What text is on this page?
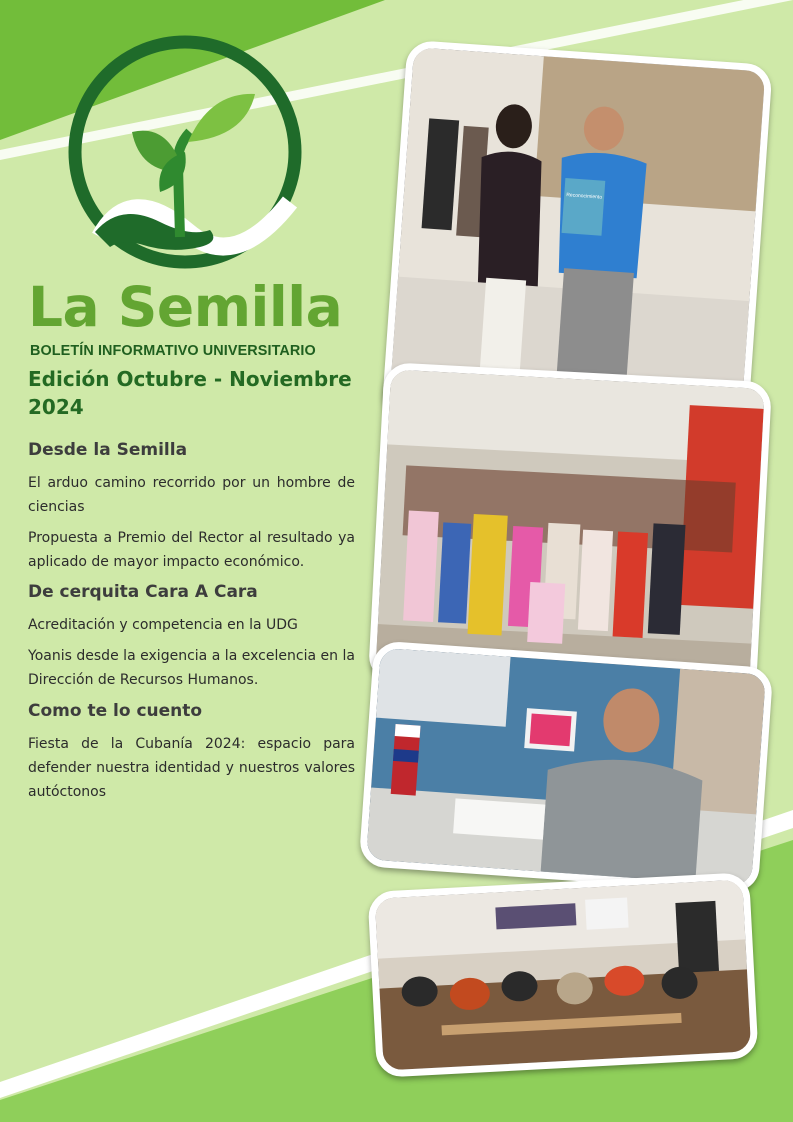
La Semilla
BOLETÍN INFORMATIVO UNIVERSITARIO
Edición Octubre - Noviembre 2024
Desde la Semilla
El arduo camino recorrido por un hombre de ciencias
Propuesta a Premio del Rector al resultado ya aplicado de mayor impacto económico.
De cerquita Cara A Cara
Acreditación y competencia en la UDG
Yoanis desde la exigencia a la excelencia en la Dirección de Recursos Humanos.
Como te lo cuento
Fiesta de la Cubanía 2024: espacio para defender nuestra identidad y nuestros valores autóctonos
Reconocimiento
